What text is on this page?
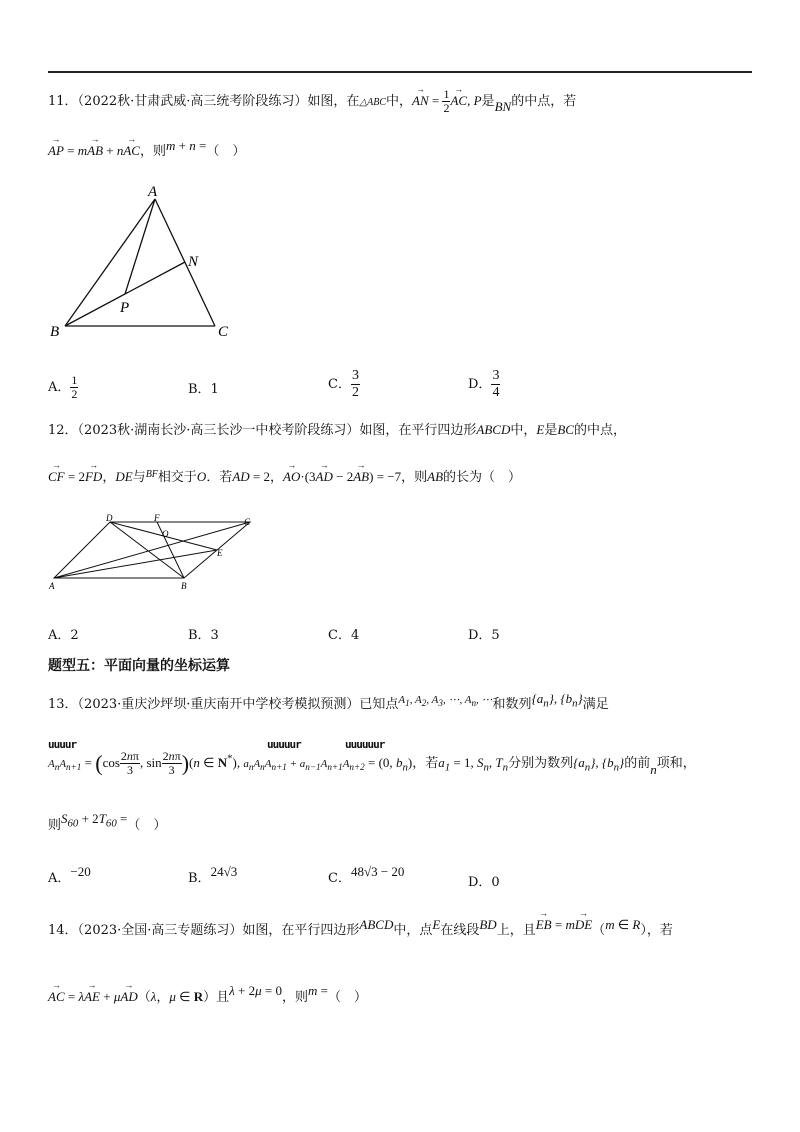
11．（2022秋·甘肃武威·高三统考阶段练习）如图，在△ABC中，→ AN = $\frac{1}{2}$
→ AC, P是BN的中点，若
→ AP = m→ AB + n→ AC，则m + n =（　）
A
B	C
N
P
A． $\frac{1}{2}$	B．1	C． $\frac{3}{2}$	D． $\frac{3}{4}$
12．（2023秋·湖南长沙·高三长沙一中校考阶段练习）如图，在平行四边形ABCD中，E是BC的中点，
→ CF = 2→ FD，DE与$^{BF}$相交于O．若AD = 2，→ AO·(3→ AD − 2→ AB) = −7，则AB的长为（　）
D	F
O
C
E
A	B
A．2	B．3	C．4	D．5
题型五：平面向量的坐标运算
13．（2023·重庆沙坪坝·重庆南开中学校考模拟预测）已知点$^{A_1, A_2, A_3, \cdots, A_n, \cdots}$和数列$\{a_n\}$, $\{b_n\}$满足
uuuur	uuuuur	uuuuuur
$A_nA_{n+1} = (\cos \frac{2n\pi}{3}$ , $\sin \frac{2n\pi}{3} )(n$ ∈ N*), $a_nA_nA_{n+1} + a_{n-1}A_{n+1}A_{n+2} = (0$, $b_n$)，若$a_1 = 1$, $S_n$, $T_n$分别为数列$\{a_n\}$, $\{b_n\}$的前n项和，
则$S_{60} + 2T_{60}$ =（　）
A．−20	B．24√3	C．48√3 − 20
D．0
14．（2023·全国·高三专题练习）如图，在平行四边形ABCD中，点E在线段BD上，且→ EB = m→ DE（m ∈ R），若
→ AC = λ→ AE + μ→ AD（λ，μ ∈ R）且λ + 2μ = 0，则m =（　）
